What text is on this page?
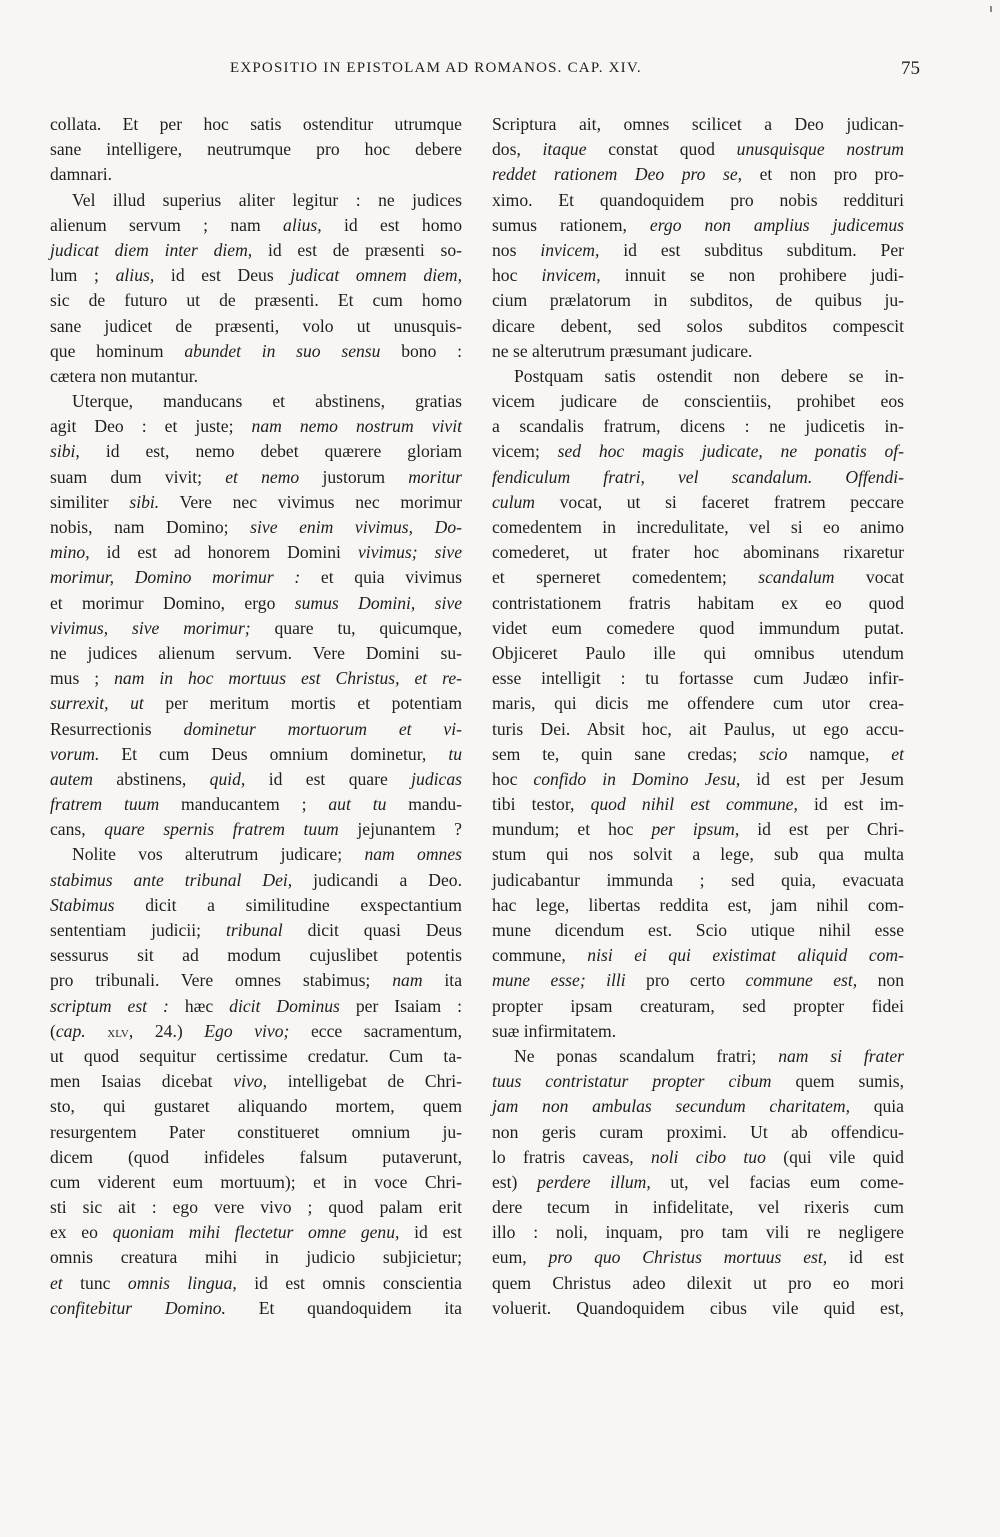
EXPOSITIO IN EPISTOLAM AD ROMANOS. CAP. XIV.	75
collata. Et per hoc satis ostenditur utrumque
sane intelligere, neutrumque pro hoc debere
damnari.
Vel illud superius aliter legitur : ne judices
alienum servum ; nam alius, id est homo
judicat diem inter diem, id est de præsenti so-
lum ; alius, id est Deus judicat omnem diem,
sic de futuro ut de præsenti. Et cum homo
sane judicet de præsenti, volo ut unusquis-
que hominum abundet in suo sensu bono :
cætera non mutantur.
Uterque, manducans et abstinens, gratias
agit Deo : et juste; nam nemo nostrum vivit
sibi, id est, nemo debet quærere gloriam
suam dum vivit; et nemo justorum moritur
similiter sibi. Vere nec vivimus nec morimur
nobis, nam Domino; sive enim vivimus, Do-
mino, id est ad honorem Domini vivimus; sive
morimur, Domino morimur : et quia vivimus
et morimur Domino, ergo sumus Domini, sive
vivimus, sive morimur; quare tu, quicumque,
ne judices alienum servum. Vere Domini su-
mus ; nam in hoc mortuus est Christus, et re-
surrexit, ut per meritum mortis et potentiam
Resurrectionis dominetur mortuorum et vi-
vorum. Et cum Deus omnium dominetur, tu
autem abstinens, quid, id est quare judicas
fratrem tuum manducantem ; aut tu mandu-
cans, quare spernis fratrem tuum jejunantem ?
Nolite vos alterutrum judicare; nam omnes
stabimus ante tribunal Dei, judicandi a Deo.
Stabimus dicit a similitudine exspectantium
sententiam judicii; tribunal dicit quasi Deus
sessurus sit ad modum cujuslibet potentis
pro tribunali. Vere omnes stabimus; nam ita
scriptum est : hæc dicit Dominus per Isaiam :
(cap. xlv, 24.) Ego vivo; ecce sacramentum,
ut quod sequitur certissime credatur. Cum ta-
men Isaias dicebat vivo, intelligebat de Chri-
sto, qui gustaret aliquando mortem, quem
resurgentem Pater constitueret omnium ju-
dicem (quod infideles falsum putaverunt,
cum viderent eum mortuum); et in voce Chri-
sti sic ait : ego vere vivo ; quod palam erit
ex eo quoniam mihi flectetur omne genu, id est
omnis creatura mihi in judicio subjicietur;
et tunc omnis lingua, id est omnis conscientia
confitebitur Domino. Et quandoquidem ita
Scriptura ait, omnes scilicet a Deo judican-
dos, itaque constat quod unusquisque nostrum
reddet rationem Deo pro se, et non pro pro-
ximo. Et quandoquidem pro nobis reddituri
sumus rationem, ergo non amplius judicemus
nos invicem, id est subditus subditum. Per
hoc invicem, innuit se non prohibere judi-
cium prælatorum in subditos, de quibus ju-
dicare debent, sed solos subditos compescit
ne se alterutrum præsumant judicare.
Postquam satis ostendit non debere se in-
vicem judicare de conscientiis, prohibet eos
a scandalis fratrum, dicens : ne judicetis in-
vicem; sed hoc magis judicate, ne ponatis of-
fendiculum fratri, vel scandalum. Offendi-
culum vocat, ut si faceret fratrem peccare
comedentem in incredulitate, vel si eo animo
comederet, ut frater hoc abominans rixaretur
et sperneret comedentem; scandalum vocat
contristationem fratris habitam ex eo quod
videt eum comedere quod immundum putat.
Objiceret Paulo ille qui omnibus utendum
esse intelligit : tu fortasse cum Judæo infir-
maris, qui dicis me offendere cum utor crea-
turis Dei. Absit hoc, ait Paulus, ut ego accu-
sem te, quin sane credas; scio namque, et
hoc confido in Domino Jesu, id est per Jesum
tibi testor, quod nihil est commune, id est im-
mundum; et hoc per ipsum, id est per Chri-
stum qui nos solvit a lege, sub qua multa
judicabantur immunda ; sed quia, evacuata
hac lege, libertas reddita est, jam nihil com-
mune dicendum est. Scio utique nihil esse
commune, nisi ei qui existimat aliquid com-
mune esse; illi pro certo commune est, non
propter ipsam creaturam, sed propter fidei
suæ infirmitatem.
Ne ponas scandalum fratri; nam si frater
tuus contristatur propter cibum quem sumis,
jam non ambulas secundum charitatem, quia
non geris curam proximi. Ut ab offendicu-
lo fratris caveas, noli cibo tuo (qui vile quid
est) perdere illum, ut, vel facias eum come-
dere tecum in infidelitate, vel rixeris cum
illo : noli, inquam, pro tam vili re negligere
eum, pro quo Christus mortuus est, id est
quem Christus adeo dilexit ut pro eo mori
voluerit. Quandoquidem cibus vile quid est,
